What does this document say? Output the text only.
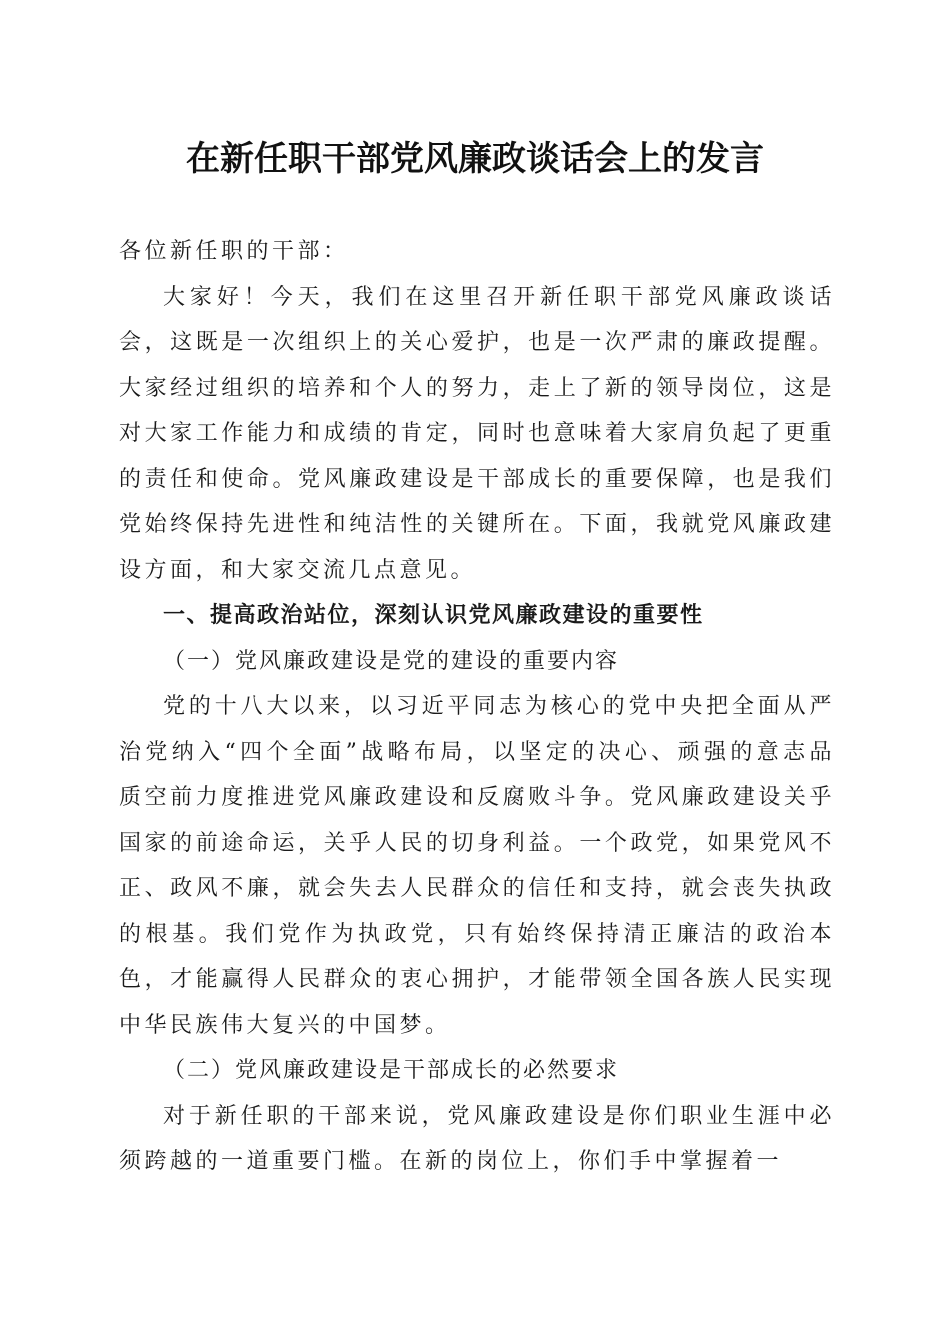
在新任职干部党风廉政谈话会上的发言

各位新任职的干部：

大家好！今天，我们在这里召开新任职干部党风廉政谈话会，这既是一次组织上的关心爱护，也是一次严肃的廉政提醒。大家经过组织的培养和个人的努力，走上了新的领导岗位，这是对大家工作能力和成绩的肯定，同时也意味着大家肩负起了更重的责任和使命。党风廉政建设是干部成长的重要保障，也是我们党始终保持先进性和纯洁性的关键所在。下面，我就党风廉政建设方面，和大家交流几点意见。

一、提高政治站位，深刻认识党风廉政建设的重要性

（一）党风廉政建设是党的建设的重要内容

党的十八大以来，以习近平同志为核心的党中央把全面从严治党纳入“四个全面”战略布局，以坚定的决心、顽强的意志品质空前力度推进党风廉政建设和反腐败斗争。党风廉政建设关乎国家的前途命运，关乎人民的切身利益。一个政党，如果党风不正、政风不廉，就会失去人民群众的信任和支持，就会丧失执政的根基。我们党作为执政党，只有始终保持清正廉洁的政治本色，才能赢得人民群众的衷心拥护，才能带领全国各族人民实现中华民族伟大复兴的中国梦。

（二）党风廉政建设是干部成长的必然要求

对于新任职的干部来说，党风廉政建设是你们职业生涯中必须跨越的一道重要门槛。在新的岗位上，你们手中掌握着一
